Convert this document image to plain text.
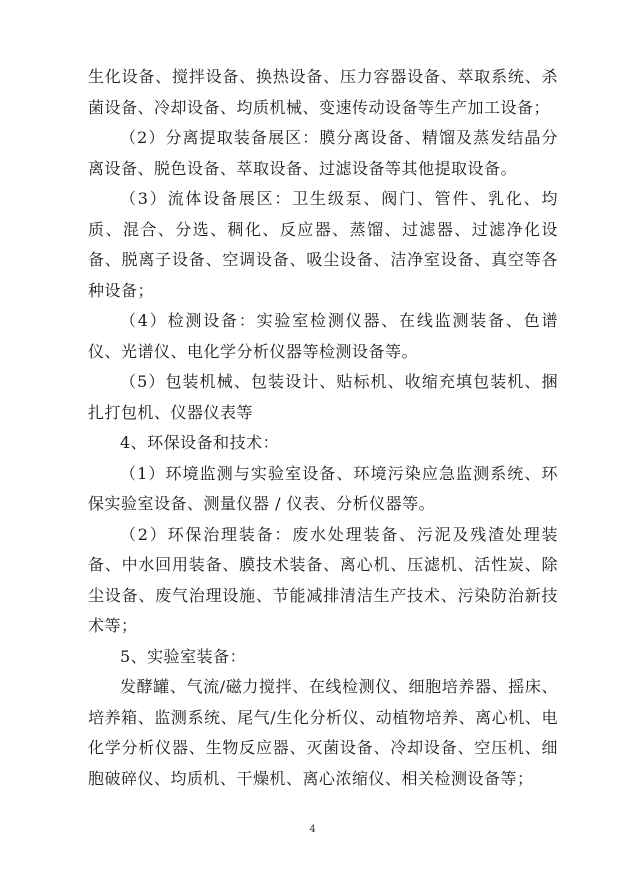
生化设备、搅拌设备、换热设备、压力容器设备、萃取系统、杀菌设备、冷却设备、均质机械、变速传动设备等生产加工设备；

（2）分离提取装备展区：膜分离设备、精馏及蒸发结晶分离设备、脱色设备、萃取设备、过滤设备等其他提取设备。

（3）流体设备展区：卫生级泵、阀门、管件、乳化、均质、混合、分选、稠化、反应器、蒸馏、过滤器、过滤净化设备、脱离子设备、空调设备、吸尘设备、洁净室设备、真空等各种设备；

（4）检测设备：实验室检测仪器、在线监测装备、色谱仪、光谱仪、电化学分析仪器等检测设备等。

（5）包装机械、包装设计、贴标机、收缩充填包装机、捆扎打包机、仪器仪表等

4、环保设备和技术：

（1）环境监测与实验室设备、环境污染应急监测系统、环保实验室设备、测量仪器 / 仪表、分析仪器等。

（2）环保治理装备：废水处理装备、污泥及残渣处理装备、中水回用装备、膜技术装备、离心机、压滤机、活性炭、除尘设备、废气治理设施、节能减排清洁生产技术、污染防治新技术等；

5、实验室装备：

发酵罐、气流/磁力搅拌、在线检测仪、细胞培养器、摇床、培养箱、监测系统、尾气/生化分析仪、动植物培养、离心机、电化学分析仪器、生物反应器、灭菌设备、冷却设备、空压机、细胞破碎仪、均质机、干燥机、离心浓缩仪、相关检测设备等；

4
